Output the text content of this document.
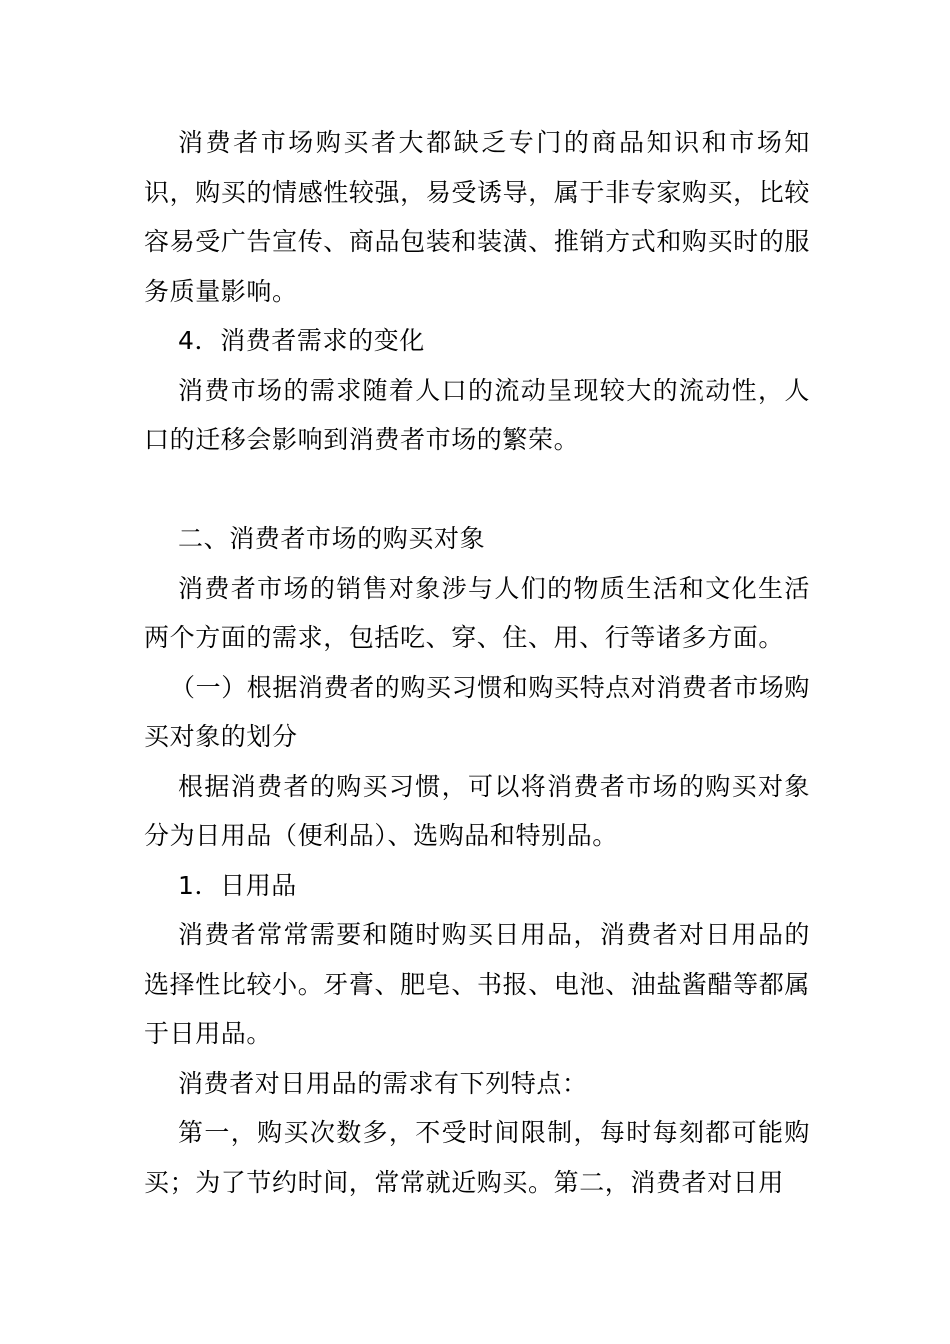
消费者市场购买者大都缺乏专门的商品知识和市场知识，购买的情感性较强，易受诱导，属于非专家购买，比较容易受广告宣传、商品包装和装潢、推销方式和购买时的服务质量影响。

4．消费者需求的变化

消费市场的需求随着人口的流动呈现较大的流动性，人口的迁移会影响到消费者市场的繁荣。

二、消费者市场的购买对象

消费者市场的销售对象涉与人们的物质生活和文化生活两个方面的需求，包括吃、穿、住、用、行等诸多方面。

（一）根据消费者的购买习惯和购买特点对消费者市场购买对象的划分

根据消费者的购买习惯，可以将消费者市场的购买对象分为日用品（便利品）、选购品和特别品。

1．日用品

消费者常常需要和随时购买日用品，消费者对日用品的选择性比较小。牙膏、肥皂、书报、电池、油盐酱醋等都属于日用品。

消费者对日用品的需求有下列特点：

第一，购买次数多，不受时间限制，每时每刻都可能购买；为了节约时间，常常就近购买。第二，消费者对日用
